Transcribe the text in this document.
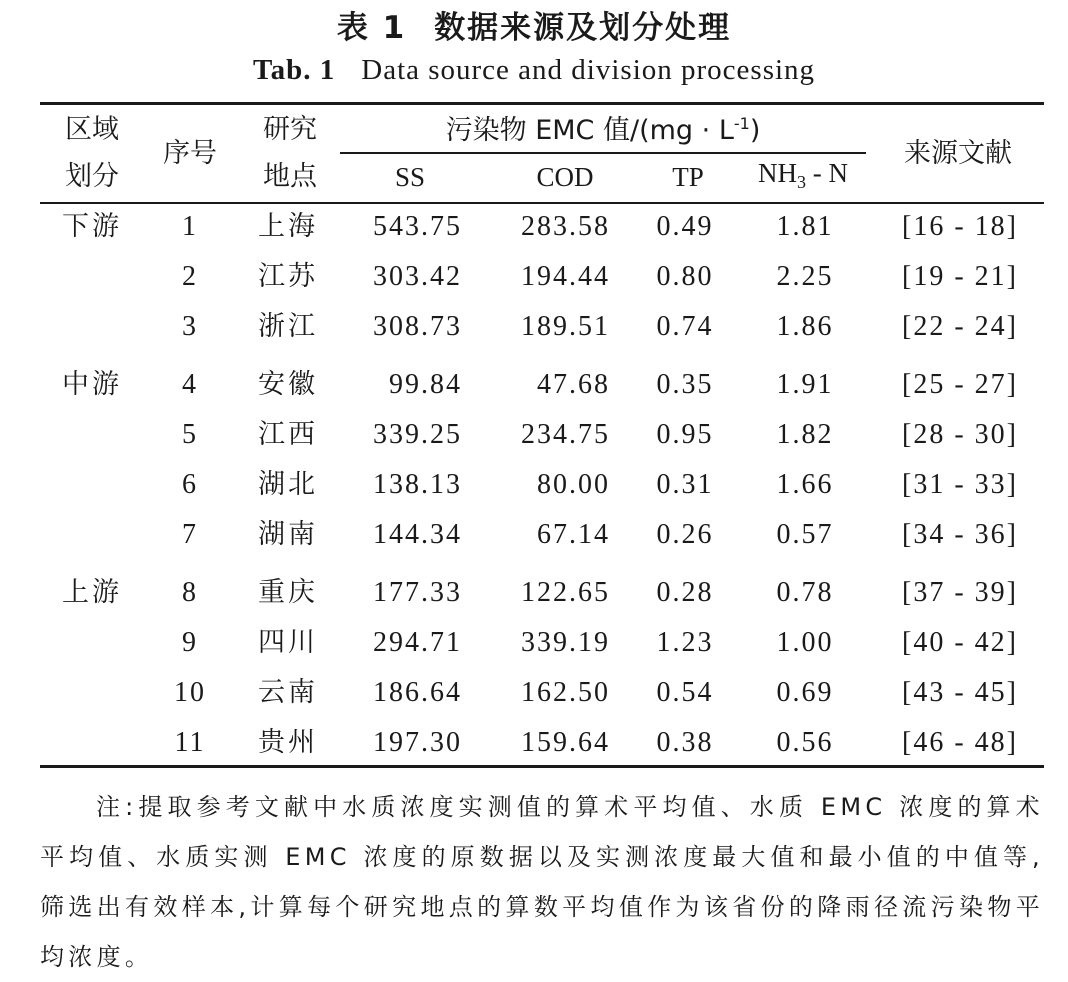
表 1 数据来源及划分处理
Tab. 1 Data source and division processing
区域
划分
序号
研究
地点
污染物 EMC 值$/(mg \cdot L^{-1})$
SS	COD	TP	$NH_3$ - N
来源文献
下游	1	上海	543.75	283.58	0.49	1.81	[16 - 18]
2	江苏	303.42	194.44	0.80	2.25	[19 - 21]
3	浙江	308.73	189.51	0.74	1.86	[22 - 24]
中游	4	安徽	99.84	47.68	0.35	1.91	[25 - 27]
5	江西	339.25	234.75	0.95	1.82	[28 - 30]
6	湖北	138.13	80.00	0.31	1.66	[31 - 33]
7	湖南	144.34	67.14	0.26	0.57	[34 - 36]
上游	8	重庆	177.33	122.65	0.28	0.78	[37 - 39]
9	四川	294.71	339.19	1.23	1.00	[40 - 42]
10	云南	186.64	162.50	0.54	0.69	[43 - 45]
11	贵州	197.30	159.64	0.38	0.56	[46 - 48]
注:提取参考文献中水质浓度实测值的算术平均值、水质 EMC 浓度的算术平均值、水质实测 EMC 浓度的原数据以及实测浓度最大值和最小值的中值等,筛选出有效样本,计算每个研究地点的算数平均值作为该省份的降雨径流污染物平均浓度。
